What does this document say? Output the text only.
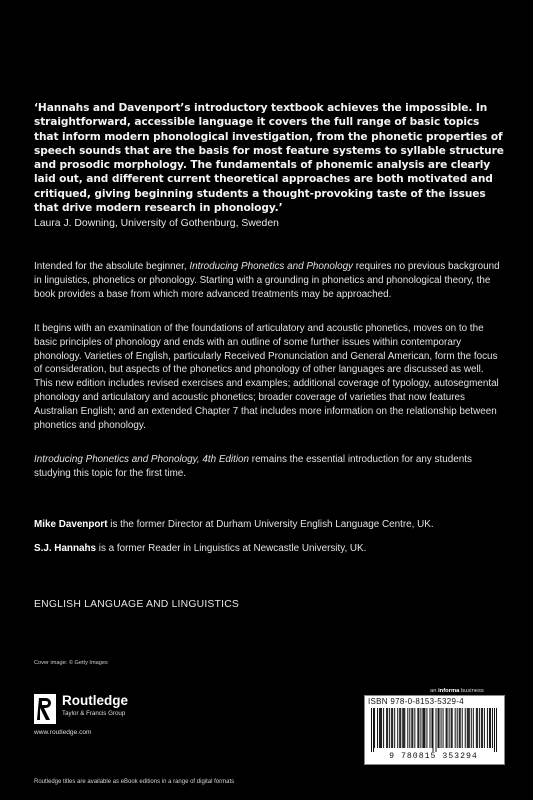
‘Hannahs and Davenport’s introductory textbook achieves the impossible. In straightforward, accessible language it covers the full range of basic topics that inform modern phonological investigation, from the phonetic properties of speech sounds that are the basis for most feature systems to syllable structure and prosodic morphology. The fundamentals of phonemic analysis are clearly laid out, and different current theoretical approaches are both motivated and critiqued, giving beginning students a thought-provoking taste of the issues that drive modern research in phonology.’
Laura J. Downing, University of Gothenburg, Sweden

Intended for the absolute beginner, Introducing Phonetics and Phonology requires no previous background in linguistics, phonetics or phonology. Starting with a grounding in phonetics and phonological theory, the book provides a base from which more advanced treatments may be approached.

It begins with an examination of the foundations of articulatory and acoustic phonetics, moves on to the basic principles of phonology and ends with an outline of some further issues within contemporary phonology. Varieties of English, particularly Received Pronunciation and General American, form the focus of consideration, but aspects of the phonetics and phonology of other languages are discussed as well. This new edition includes revised exercises and examples; additional coverage of typology, autosegmental phonology and articulatory and acoustic phonetics; broader coverage of varieties that now features Australian English; and an extended Chapter 7 that includes more information on the relationship between phonetics and phonology.

Introducing Phonetics and Phonology, 4th Edition remains the essential introduction for any students studying this topic for the first time.

Mike Davenport is the former Director at Durham University English Language Centre, UK.
S.J. Hannahs is a former Reader in Linguistics at Newcastle University, UK.
ENGLISH LANGUAGE AND LINGUISTICS
Cover image: © Getty Images
an informa business
Routledge
Taylor & Francis Group
www.routledge.com
Routledge titles are available as eBook editions in a range of digital formats
ISBN 978-0-8153-5329-4
9 780815 353294
